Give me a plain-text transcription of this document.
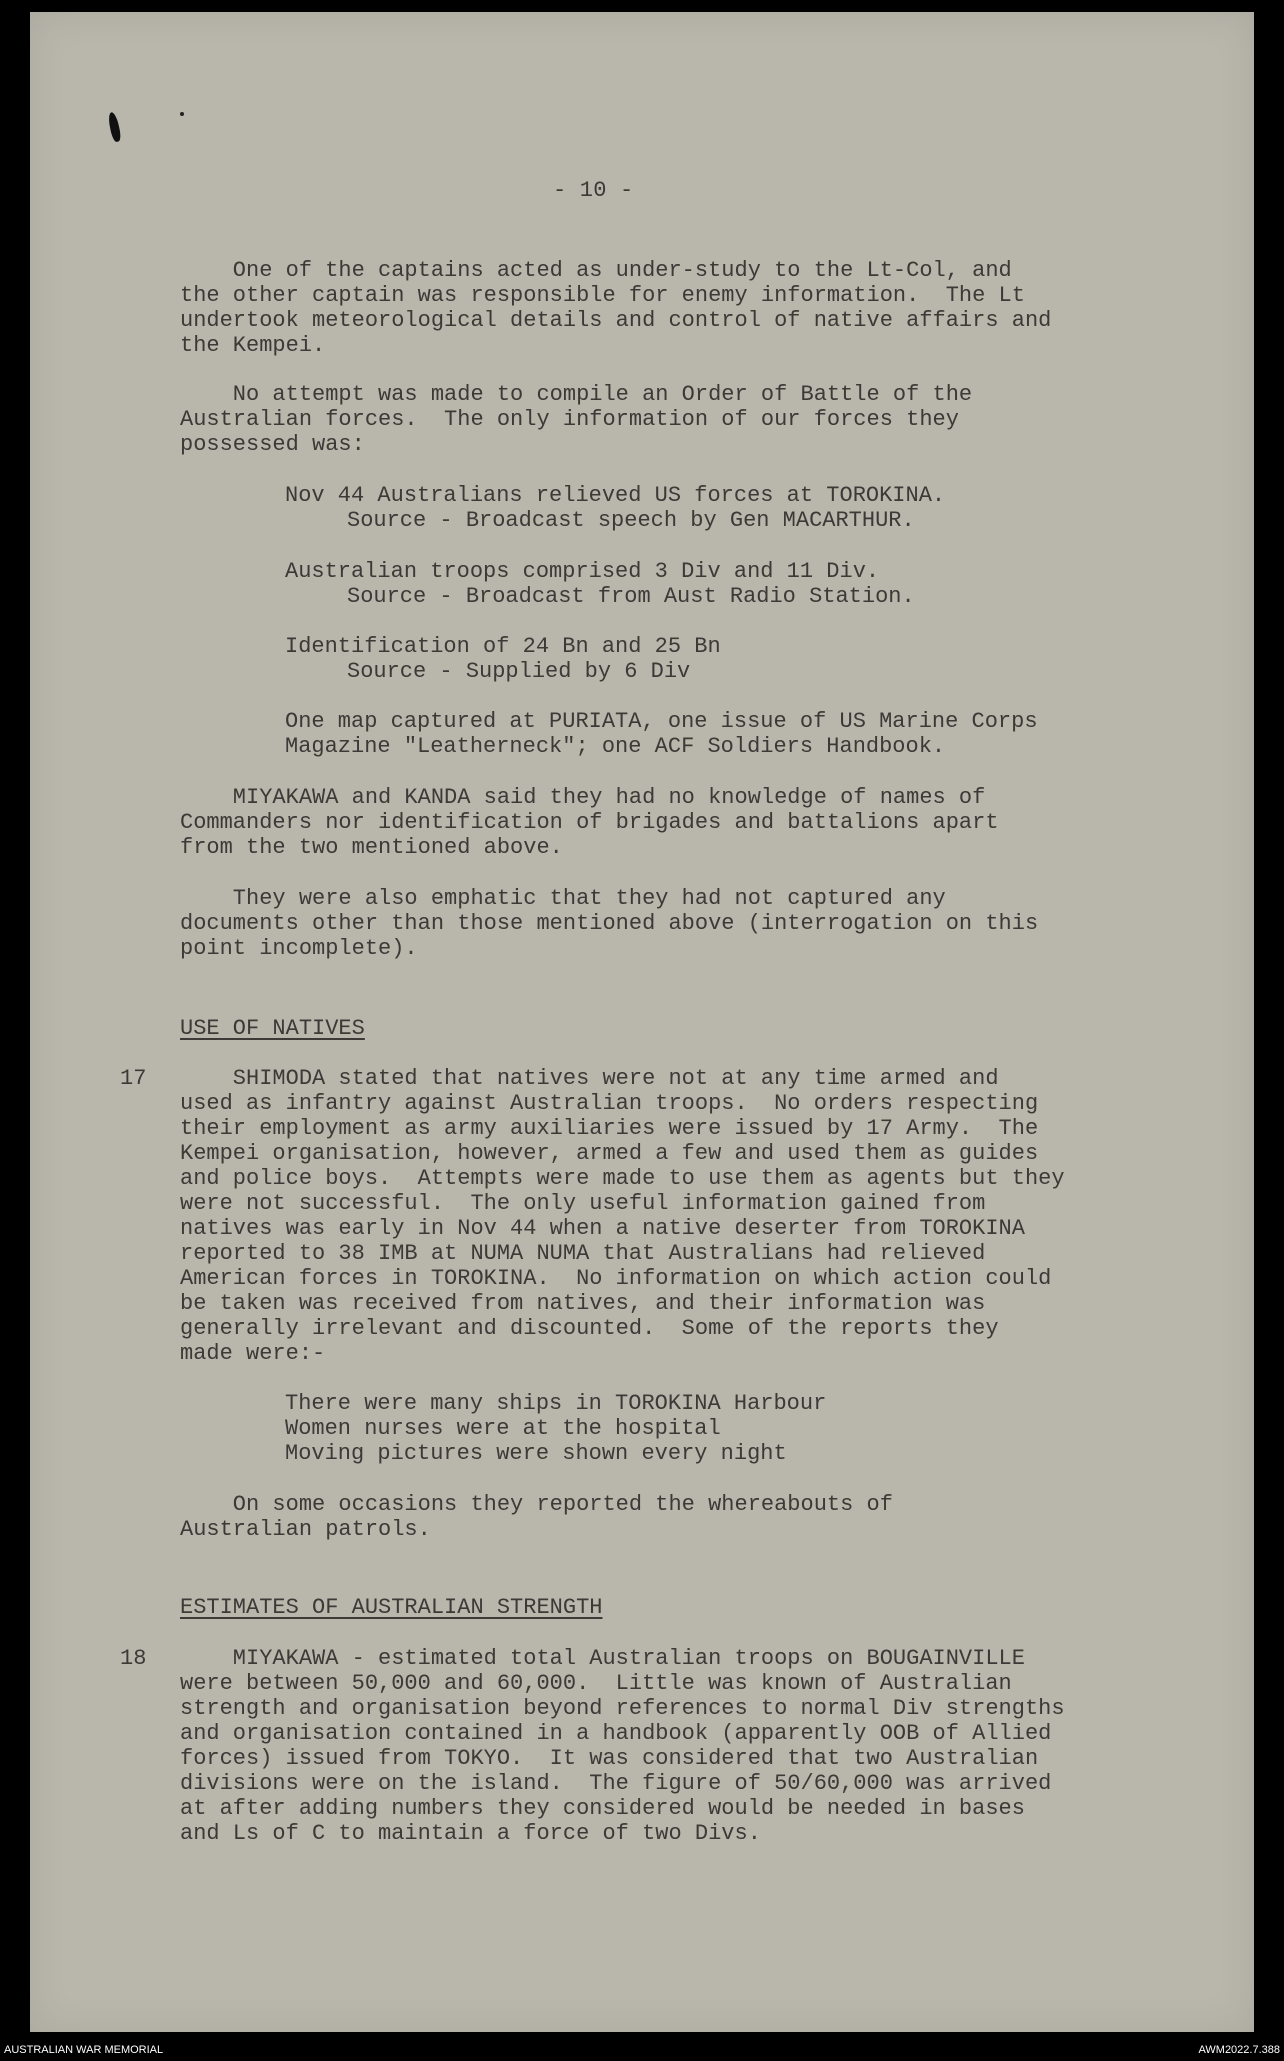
- 10 -
One of the captains acted as under-study to the Lt-Col, and
the other captain was responsible for enemy information.  The Lt
undertook meteorological details and control of native affairs and
the Kempei.
No attempt was made to compile an Order of Battle of the
Australian forces.  The only information of our forces they
possessed was:
Nov 44 Australians relieved US forces at TOROKINA.
Source - Broadcast speech by Gen MACARTHUR.
Australian troops comprised 3 Div and 11 Div.
Source - Broadcast from Aust Radio Station.
Identification of 24 Bn and 25 Bn
Source - Supplied by 6 Div
One map captured at PURIATA, one issue of US Marine Corps
Magazine "Leatherneck"; one ACF Soldiers Handbook.
MIYAKAWA and KANDA said they had no knowledge of names of
Commanders nor identification of brigades and battalions apart
from the two mentioned above.
They were also emphatic that they had not captured any
documents other than those mentioned above (interrogation on this
point incomplete).
USE OF NATIVES
17 SHIMODA stated that natives were not at any time armed and
used as infantry against Australian troops.  No orders respecting
their employment as army auxiliaries were issued by 17 Army.  The
Kempei organisation, however, armed a few and used them as guides
and police boys.  Attempts were made to use them as agents but they
were not successful.  The only useful information gained from
natives was early in Nov 44 when a native deserter from TOROKINA
reported to 38 IMB at NUMA NUMA that Australians had relieved
American forces in TOROKINA.  No information on which action could
be taken was received from natives, and their information was
generally irrelevant and discounted.  Some of the reports they
made were:-
There were many ships in TOROKINA Harbour
Women nurses were at the hospital
Moving pictures were shown every night
On some occasions they reported the whereabouts of
Australian patrols.
ESTIMATES OF AUSTRALIAN STRENGTH
18 MIYAKAWA - estimated total Australian troops on BOUGAINVILLE
were between 50,000 and 60,000.  Little was known of Australian
strength and organisation beyond references to normal Div strengths
and organisation contained in a handbook (apparently OOB of Allied
forces) issued from TOKYO.  It was considered that two Australian
divisions were on the island.  The figure of 50/60,000 was arrived
at after adding numbers they considered would be needed in bases
and Ls of C to maintain a force of two Divs.
AUSTRALIAN WAR MEMORIAL	AWM2022.7.388
